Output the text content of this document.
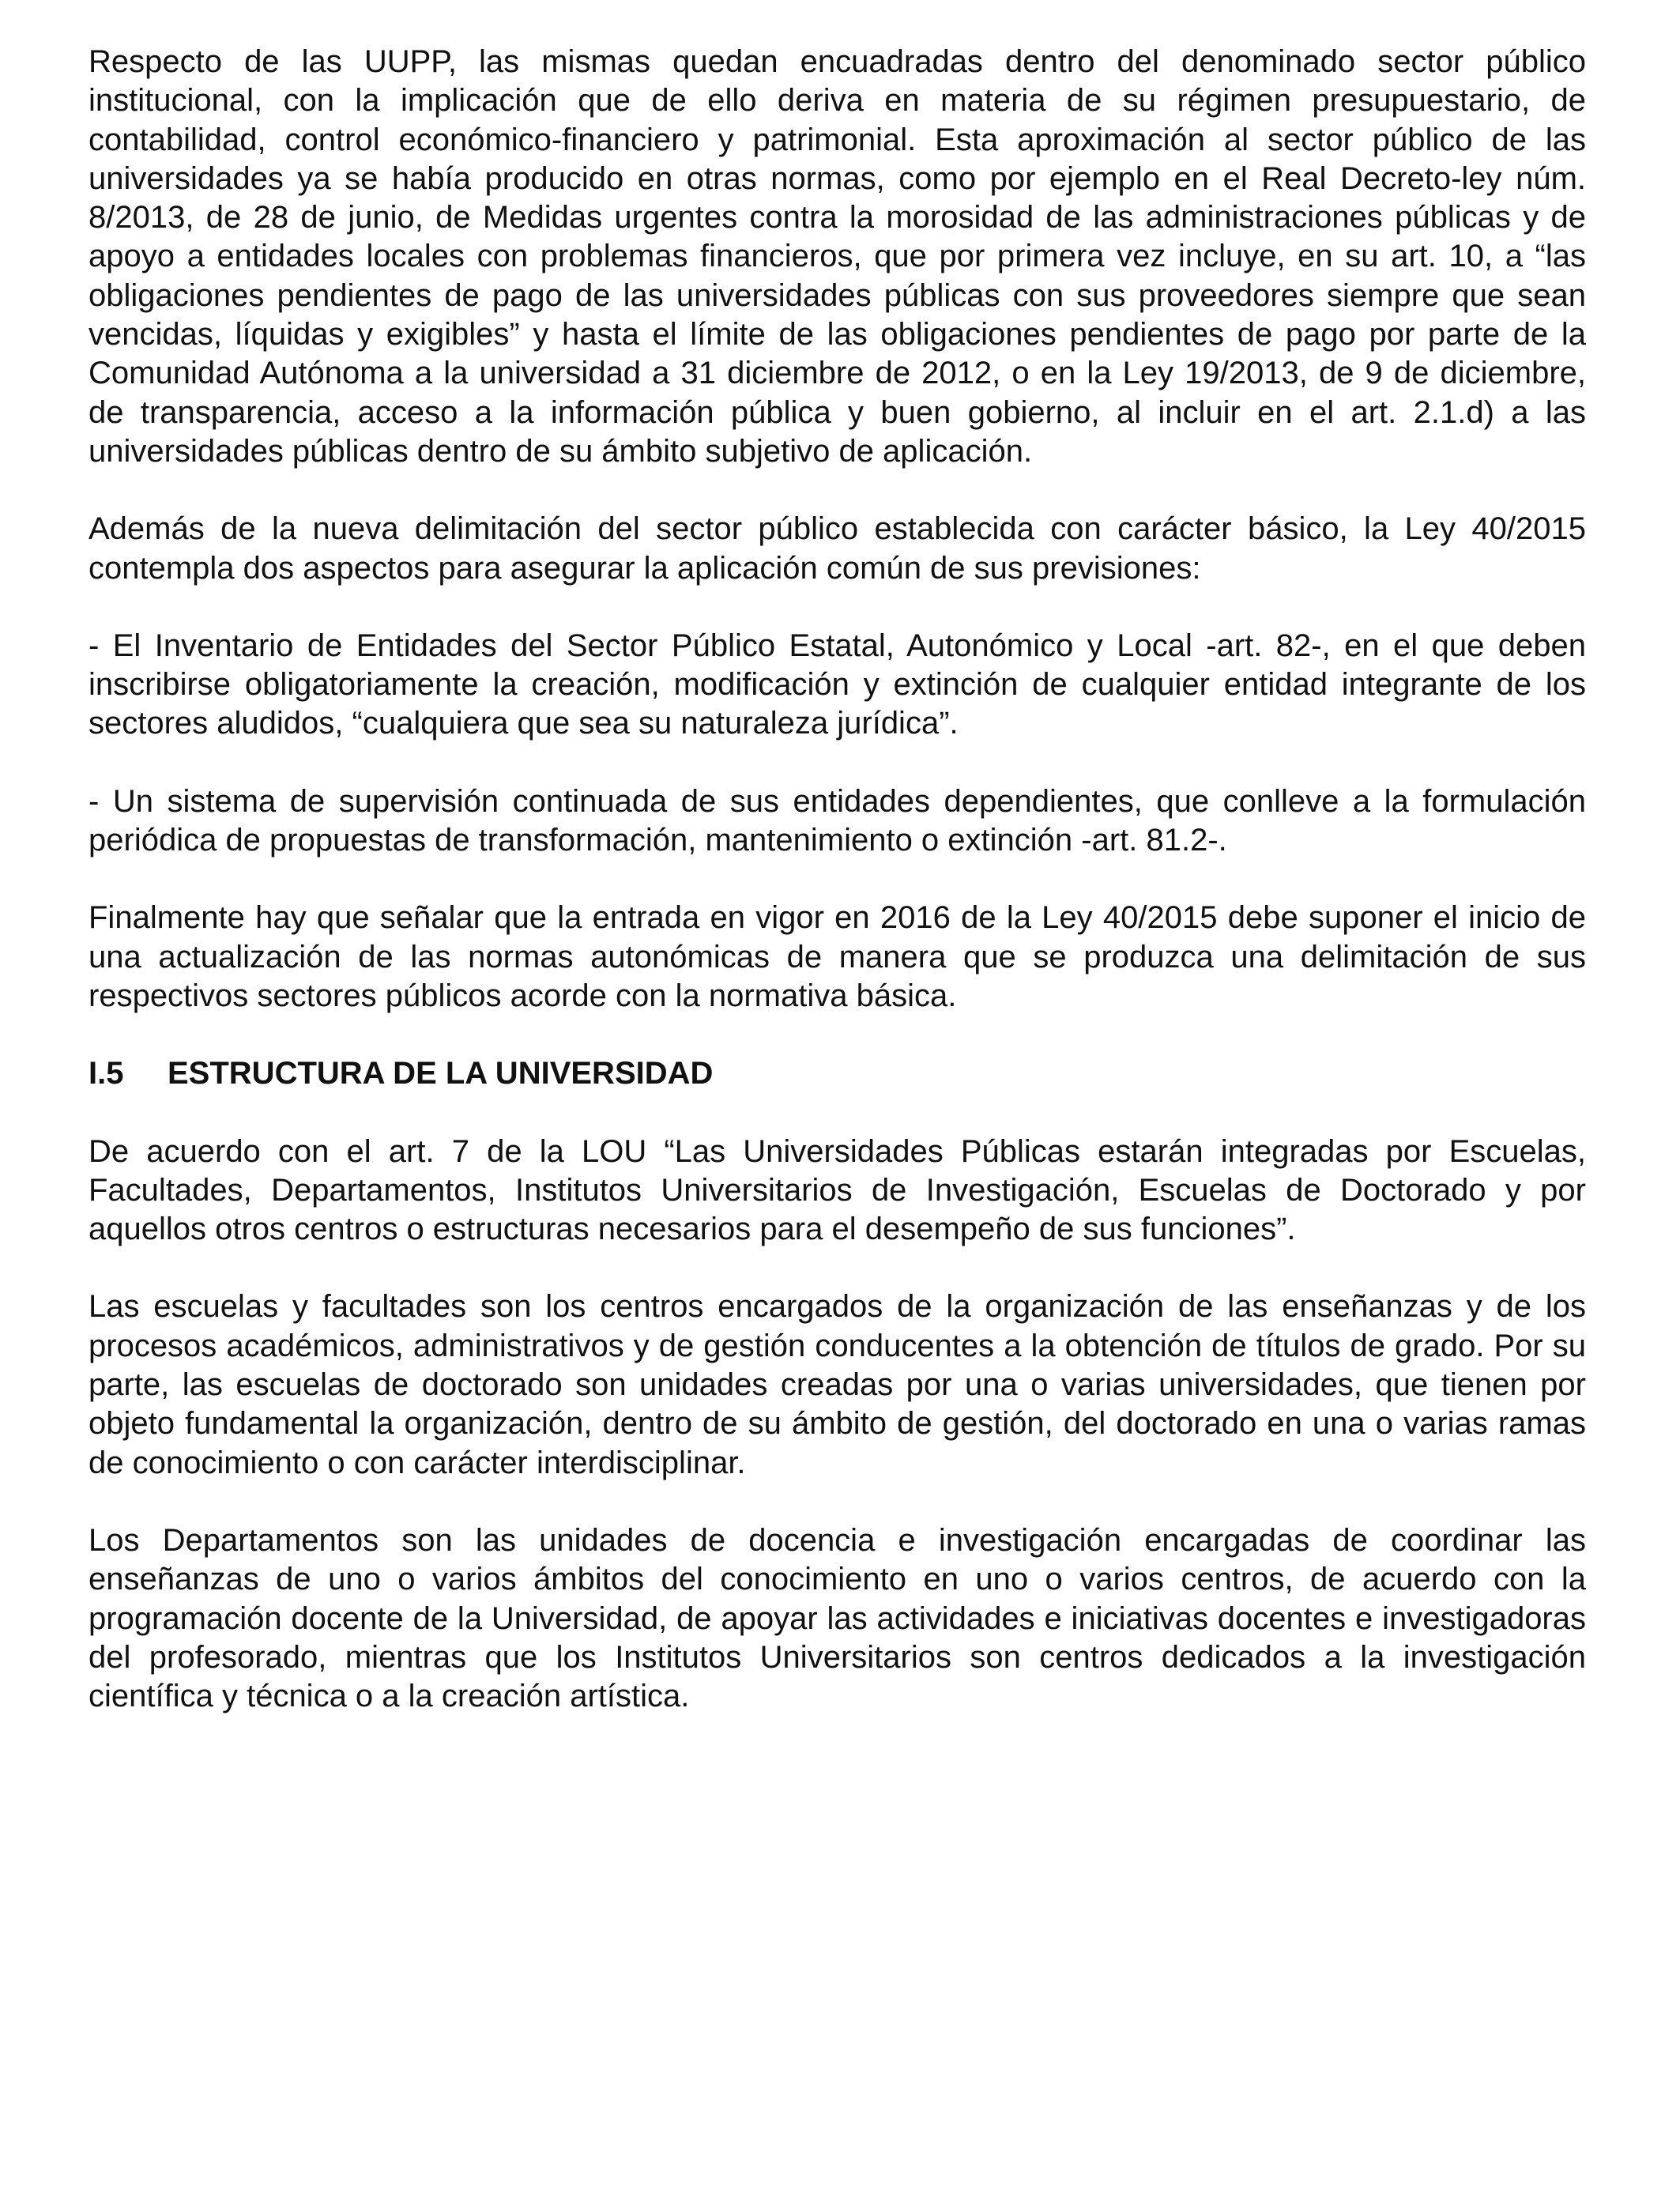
Respecto de las UUPP, las mismas quedan encuadradas dentro del denominado sector público institucional, con la implicación que de ello deriva en materia de su régimen presupuestario, de contabilidad, control económico-financiero y patrimonial. Esta aproximación al sector público de las universidades ya se había producido en otras normas, como por ejemplo en el Real Decreto-ley núm. 8/2013, de 28 de junio, de Medidas urgentes contra la morosidad de las administraciones públicas y de apoyo a entidades locales con problemas financieros, que por primera vez incluye, en su art. 10, a “las obligaciones pendientes de pago de las universidades públicas con sus proveedores siempre que sean vencidas, líquidas y exigibles” y hasta el límite de las obligaciones pendientes de pago por parte de la Comunidad Autónoma a la universidad a 31 diciembre de 2012, o en la Ley 19/2013, de 9 de diciembre, de transparencia, acceso a la información pública y buen gobierno, al incluir en el art. 2.1.d) a las universidades públicas dentro de su ámbito subjetivo de aplicación.

Además de la nueva delimitación del sector público establecida con carácter básico, la Ley 40/2015 contempla dos aspectos para asegurar la aplicación común de sus previsiones:

- El Inventario de Entidades del Sector Público Estatal, Autonómico y Local -art. 82-, en el que deben inscribirse obligatoriamente la creación, modificación y extinción de cualquier entidad integrante de los sectores aludidos, “cualquiera que sea su naturaleza jurídica”.

- Un sistema de supervisión continuada de sus entidades dependientes, que conlleve a la formulación periódica de propuestas de transformación, mantenimiento o extinción -art. 81.2-.

Finalmente hay que señalar que la entrada en vigor en 2016 de la Ley 40/2015 debe suponer el inicio de una actualización de las normas autonómicas de manera que se produzca una delimitación de sus respectivos sectores públicos acorde con la normativa básica.

I.5	ESTRUCTURA DE LA UNIVERSIDAD

De acuerdo con el art. 7 de la LOU “Las Universidades Públicas estarán integradas por Escuelas, Facultades, Departamentos, Institutos Universitarios de Investigación, Escuelas de Doctorado y por aquellos otros centros o estructuras necesarios para el desempeño de sus funciones”.

Las escuelas y facultades son los centros encargados de la organización de las enseñanzas y de los procesos académicos, administrativos y de gestión conducentes a la obtención de títulos de grado. Por su parte, las escuelas de doctorado son unidades creadas por una o varias universidades, que tienen por objeto fundamental la organización, dentro de su ámbito de gestión, del doctorado en una o varias ramas de conocimiento o con carácter interdisciplinar.

Los Departamentos son las unidades de docencia e investigación encargadas de coordinar las enseñanzas de uno o varios ámbitos del conocimiento en uno o varios centros, de acuerdo con la programación docente de la Universidad, de apoyar las actividades e iniciativas docentes e investigadoras del profesorado, mientras que los Institutos Universitarios son centros dedicados a la investigación científica y técnica o a la creación artística.
